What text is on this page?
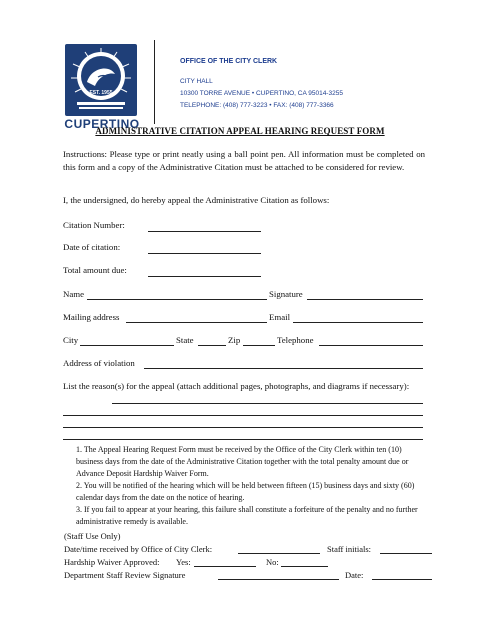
EST. 1955
CUPERTINO
OFFICE OF THE CITY CLERK
CITY HALL
10300 TORRE AVENUE • CUPERTINO, CA 95014-3255
TELEPHONE: (408) 777-3223 • FAX: (408) 777-3366
ADMINISTRATIVE CITATION APPEAL HEARING REQUEST FORM
Instructions: Please type or print neatly using a ball point pen. All information must be completed on this form and a copy of the Administrative Citation must be attached to be considered for review.
I, the undersigned, do hereby appeal the Administrative Citation as follows:
Citation Number:
Date of citation:
Total amount due:
Name	Signature
Mailing address	Email
City	State	Zip	Telephone
Address of violation
List the reason(s) for the appeal (attach additional pages, photographs, and diagrams if necessary):

1. The Appeal Hearing Request Form must be received by the Office of the City Clerk within ten (10) business days from the date of the Administrative Citation together with the total penalty amount due or Advance Deposit Hardship Waiver Form.

2. You will be notified of the hearing which will be held between fifteen (15) business days and sixty (60) calendar days from the date on the notice of hearing.

3. If you fail to appear at your hearing, this failure shall constitute a forfeiture of the penalty and no further administrative remedy is available.

(Staff Use Only)
Date/time received by Office of City Clerk:	Staff initials:
Hardship Waiver Approved: Yes:	No:
Department Staff Review Signature	Date:
